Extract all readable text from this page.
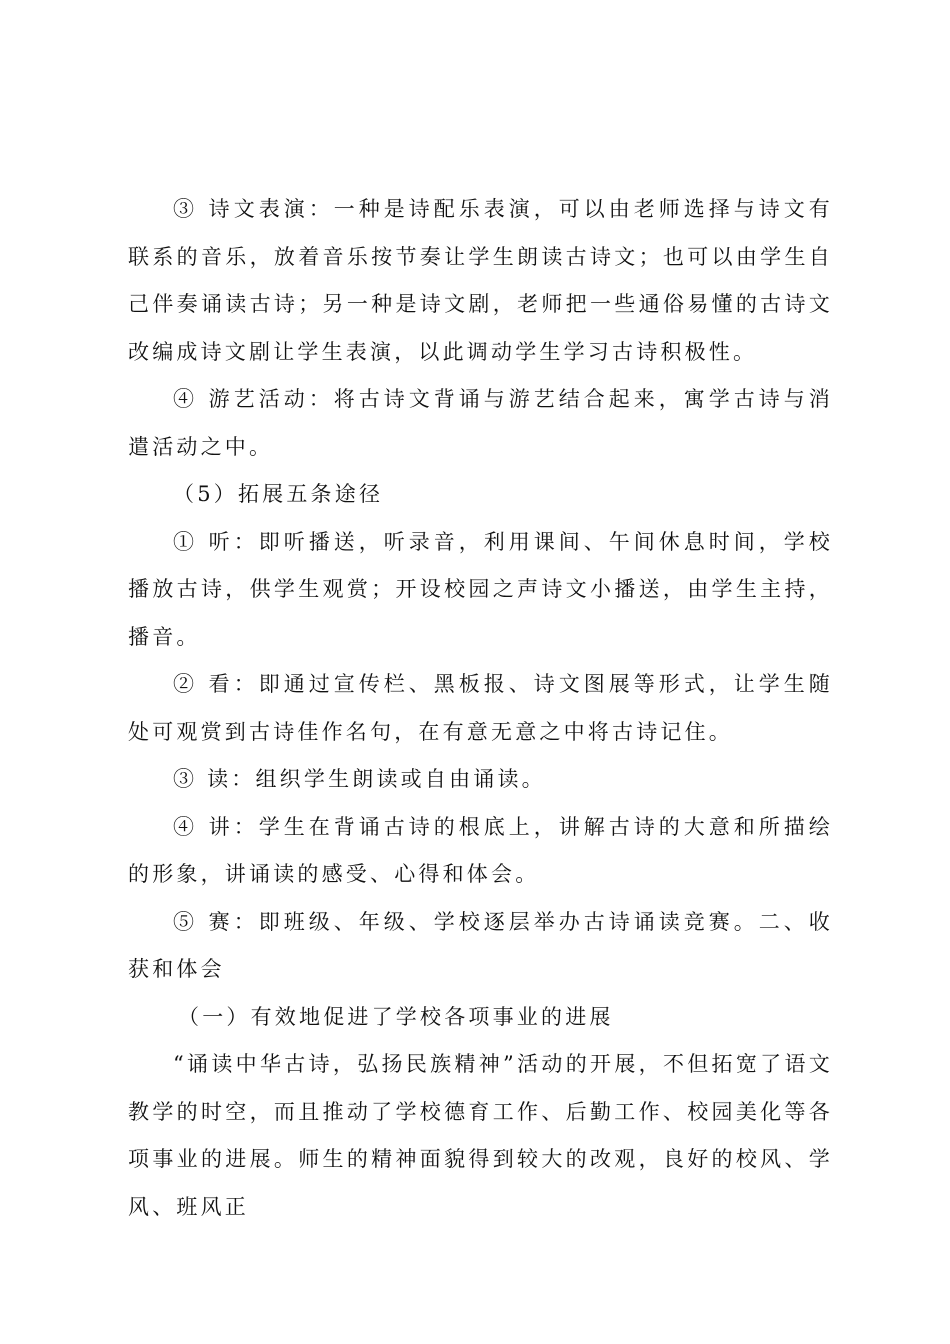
③ 诗文表演：一种是诗配乐表演，可以由老师选择与诗文有联系的音乐，放着音乐按节奏让学生朗读古诗文；也可以由学生自己伴奏诵读古诗；另一种是诗文剧，老师把一些通俗易懂的古诗文改编成诗文剧让学生表演，以此调动学生学习古诗积极性。

④ 游艺活动：将古诗文背诵与游艺结合起来，寓学古诗与消遣活动之中。

（5）拓展五条途径

① 听：即听播送，听录音，利用课间、午间休息时间，学校播放古诗，供学生观赏；开设校园之声诗文小播送，由学生主持，播音。

② 看：即通过宣传栏、黑板报、诗文图展等形式，让学生随处可观赏到古诗佳作名句，在有意无意之中将古诗记住。

③ 读：组织学生朗读或自由诵读。

④ 讲：学生在背诵古诗的根底上，讲解古诗的大意和所描绘的形象，讲诵读的感受、心得和体会。

⑤ 赛：即班级、年级、学校逐层举办古诗诵读竞赛。二、收获和体会

（一）有效地促进了学校各项事业的进展

“诵读中华古诗，弘扬民族精神”活动的开展，不但拓宽了语文教学的时空，而且推动了学校德育工作、后勤工作、校园美化等各项事业的进展。师生的精神面貌得到较大的改观，良好的校风、学风、班风正
